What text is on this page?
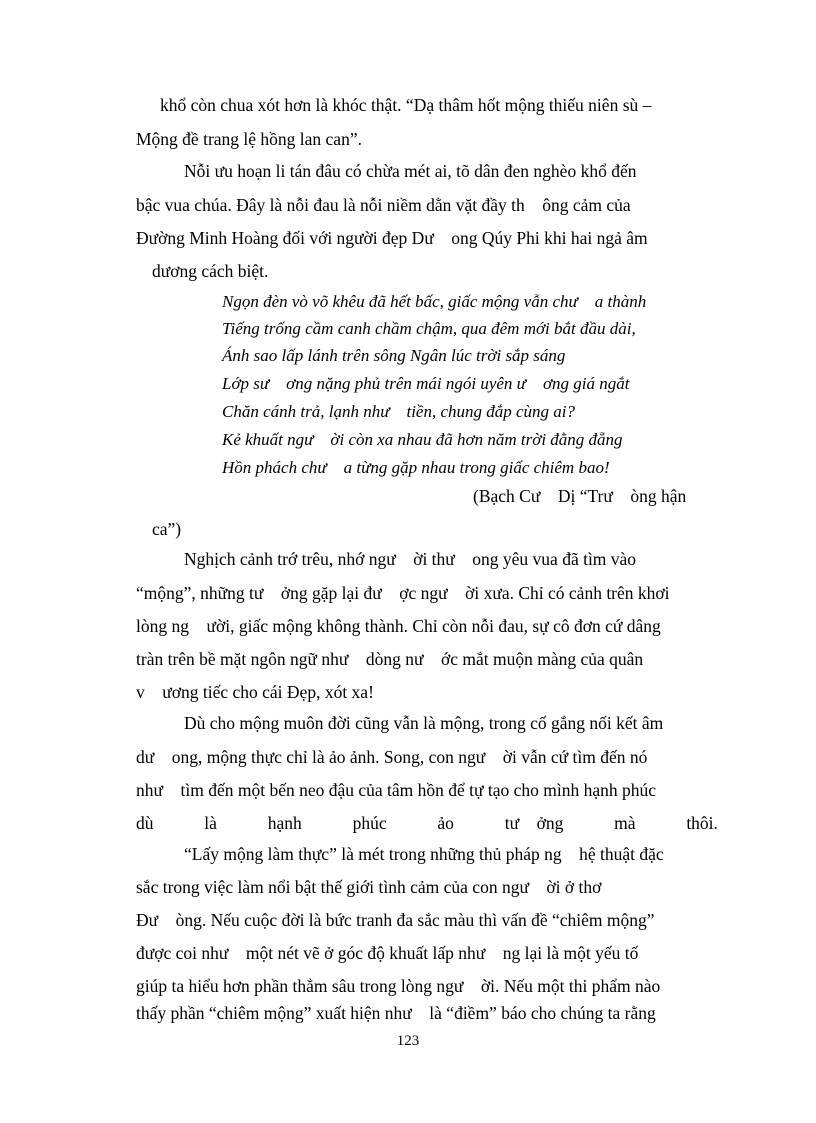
khổ còn chua xót hơn là khóc thật. “Dạ thâm hốt mộng thiếu niên sù –

Mộng đề trang lệ hồng lan can”.

Nỗi ưu hoạn li tán đâu có chừa mét ai, tõ dân đen nghèo khổ đến

bậc vua chúa. Đây là nỗi đau là nỗi niềm dằn vặt đầy th    ông cảm của

Đường Minh Hoàng đối với người đẹp Dư    ong Qúy Phi khi hai ngả âm

dương cách biệt.

Ngọn đèn vò võ khêu đã hết bấc, giấc mộng vẫn chư    a thành

Tiếng trống cầm canh chầm chậm, qua đêm mới bắt đầu dài,

Ánh sao lấp lánh trên sông Ngân lúc trời sắp sáng

Lớp sư    ơng nặng phủ trên mái ngói uyên ư    ơng giá ngắt

Chăn cánh trả, lạnh như    tiền, chung đắp cùng ai?

Kẻ khuất ngư    ời còn xa nhau đã hơn năm trời đằng đẵng

Hồn phách chư    a từng gặp nhau trong giấc chiêm bao!

(Bạch Cư    Dị “Trư    òng hận

ca”)

Nghịch cảnh trớ trêu, nhớ ngư    ời thư    ong yêu vua đã tìm vào

“mộng”, những tư    ởng gặp lại đư    ợc ngư    ời xưa. Chỉ có cảnh trên khơi

lòng ng    ười, giấc mộng không thành. Chỉ còn nỗi đau, sự cô đơn cứ dâng

tràn trên bề mặt ngôn ngữ như    dòng nư    ớc mắt muộn màng của quân

v    ương tiếc cho cái Đẹp, xót xa!

Dù cho mộng muôn đời cũng vẫn là mộng, trong cố gắng nối kết âm

dư    ong, mộng thực chỉ là ảo ảnh. Song, con ngư    ời vẫn cứ tìm đến nó

như    tìm đến một bến neo đậu của tâm hồn để tự tạo cho mình hạnh phúc

dù	là	hạnh	phúc	ảo	tư    ởng	mà	thôi.

“Lấy mộng làm thực” là mét trong những thủ pháp ng    hệ thuật đặc

sắc trong việc làm nổi bật thế giới tình cảm của con ngư    ời ở thơ

Đư    òng. Nếu cuộc đời là bức tranh đa sắc màu thì vấn đề “chiêm mộng”

được coi như    một nét vẽ ở góc độ khuất lấp như    ng lại là một yếu tố

giúp ta hiểu hơn phần thẳm sâu trong lòng ngư    ời. Nếu một thi phẩm nào

thấy phần “chiêm mộng” xuất hiện như    là “điềm” báo cho chúng ta rằng

123
